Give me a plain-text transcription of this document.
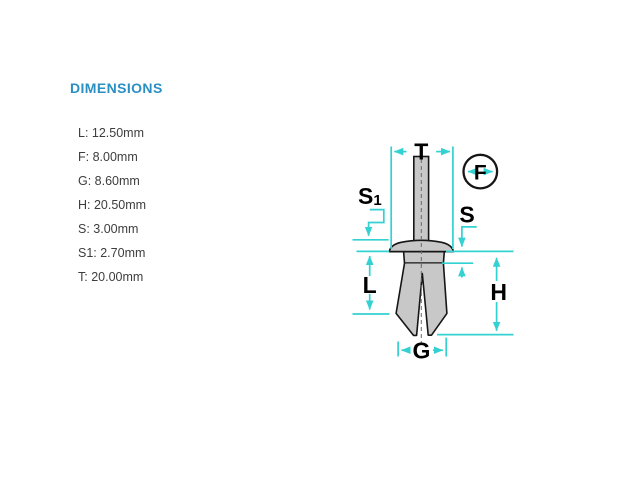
DIMENSIONS
L: 12.50mm
F: 8.00mm
G: 8.60mm
H: 20.50mm
S: 3.00mm
S1: 2.70mm
T: 20.00mm
T
F
S1
S
L	H
G
